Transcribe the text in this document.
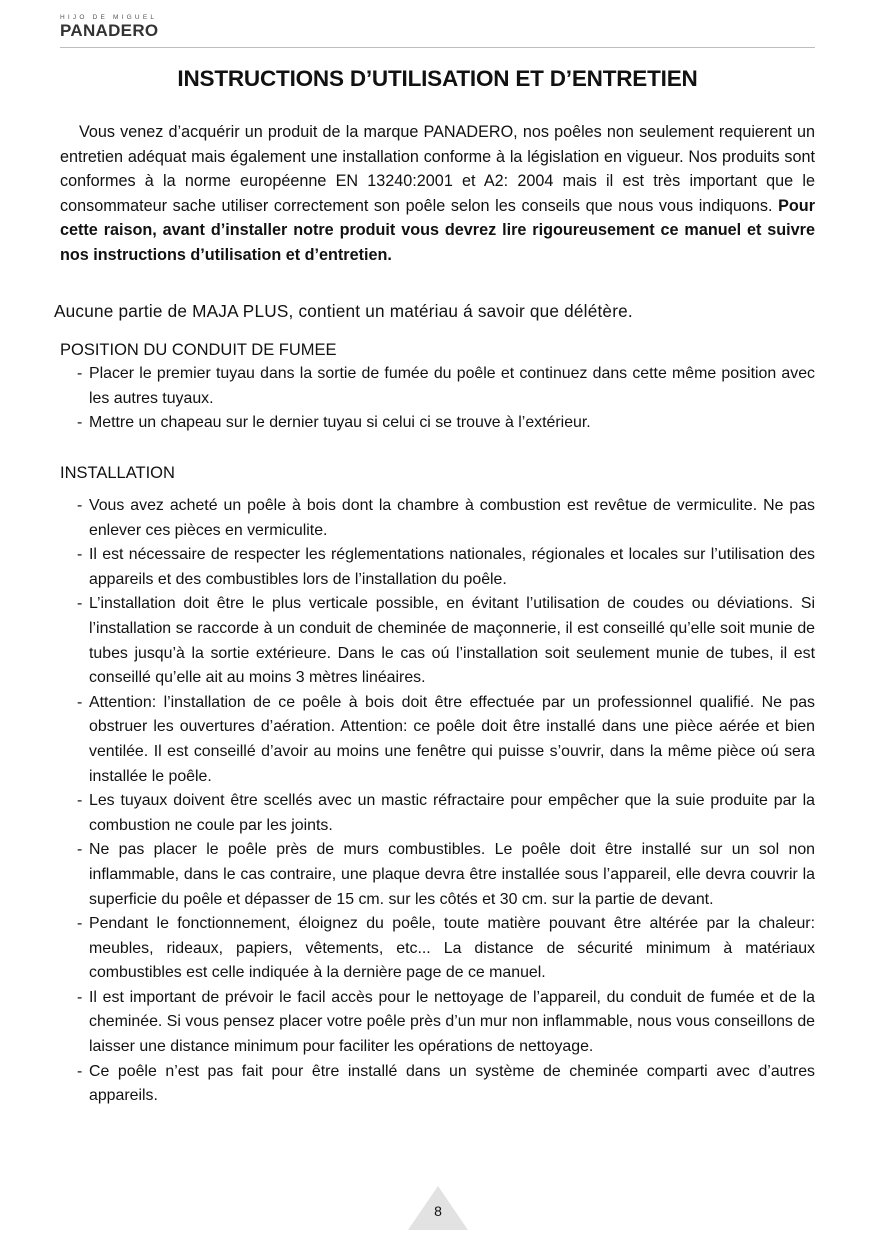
HIJO DE MIGUEL
PANADERO
INSTRUCTIONS D’UTILISATION ET D’ENTRETIEN

Vous venez d’acquérir un produit de la marque PANADERO, nos poêles non seulement requierent un entretien adéquat mais également une installation conforme à la législation en vigueur. Nos produits sont conformes à la norme européenne EN 13240:2001 et A2: 2004 mais il est très important que le consommateur sache utiliser correctement son poêle selon les conseils que nous vous indiquons. Pour cette raison, avant d’installer notre produit vous devrez lire rigoureusement ce manuel et suivre nos instructions d’utilisation et d’entretien.

Aucune partie de MAJA PLUS, contient un matériau á savoir que délétère.
POSITION DU CONDUIT DE FUMEE
- Placer le premier tuyau dans la sortie de fumée du poêle et continuez dans cette même position avec les autres tuyaux.
- Mettre un chapeau sur le dernier tuyau si celui ci se trouve à l’extérieur.
INSTALLATION
- Vous avez acheté un poêle à bois dont la chambre à combustion est revêtue de vermiculite. Ne pas enlever ces pièces en vermiculite.
- Il est nécessaire de respecter les réglementations nationales, régionales et locales sur l’utilisation des appareils et des combustibles lors de l’installation du poêle.
- L’installation doit être le plus verticale possible, en évitant l’utilisation de coudes ou déviations. Si l’installation se raccorde à un conduit de cheminée de maçonnerie, il est conseillé qu’elle soit munie de tubes jusqu’à la sortie extérieure. Dans le cas oú l’installation soit seulement munie de tubes, il est conseillé qu’elle ait au moins 3 mètres linéaires.
- Attention: l’installation de ce poêle à bois doit être effectuée par un professionnel qualifié. Ne pas obstruer les ouvertures d’aération. Attention: ce poêle doit être installé dans une pièce aérée et bien ventilée. Il est conseillé d’avoir au moins une fenêtre qui puisse s’ouvrir, dans la même pièce oú sera installée le poêle.
- Les tuyaux doivent être scellés avec un mastic réfractaire pour empêcher que la suie produite par la combustion ne coule par les joints.
- Ne pas placer le poêle près de murs combustibles. Le poêle doit être installé sur un sol non inflammable, dans le cas contraire, une plaque devra être installée sous l’appareil, elle devra couvrir la superficie du poêle et dépasser de 15 cm. sur les côtés et 30 cm. sur la partie de devant.
- Pendant le fonctionnement, éloignez du poêle, toute matière pouvant être altérée par la chaleur: meubles, rideaux, papiers, vêtements, etc... La distance de sécurité minimum à matériaux combustibles est celle indiquée à la dernière page de ce manuel.
- Il est important de prévoir le facil accès pour le nettoyage de l’appareil, du conduit de fumée et de la cheminée. Si vous pensez placer votre poêle près d’un mur non inflammable, nous vous conseillons de laisser une distance minimum pour faciliter les opérations de nettoyage.
- Ce poêle n’est pas fait pour être installé dans un système de cheminée comparti avec d’autres appareils.
8
